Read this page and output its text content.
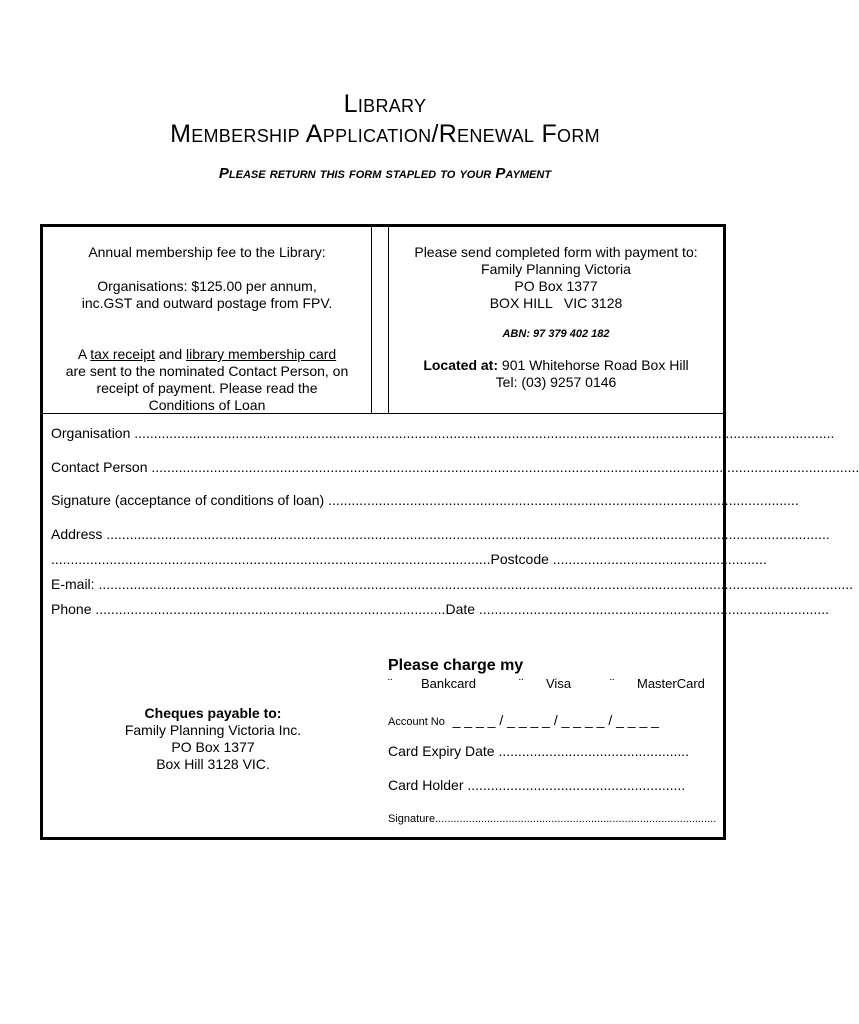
Library
Membership Application/Renewal Form
Please return this form stapled to your Payment
Annual membership fee to the Library:
Organisations: $125.00 per annum,
inc.GST and outward postage from FPV.
A tax receipt and library membership card
are sent to the nominated Contact Person, on
receipt of payment. Please read the
Conditions of Loan
Please send completed form with payment to:
Family Planning Victoria
PO Box 1377
BOX HILL   VIC 3128
ABN: 97 379 402 182
Located at: 901 Whitehorse Road Box Hill
Tel: (03) 9257 0146
Organisation ....................................................................................................................................................................................
Contact Person ......................................................................................................................................................................................
Signature (acceptance of conditions of loan) .........................................................................................................................
Address ..........................................................................................................................................................................................
.................................................................................................................Postcode .......................................................
E-mail: ..................................................................................................................................................................................................
Phone ..........................................................................................Date ..........................................................................................
Cheques payable to:
Family Planning Victoria Inc.
PO Box 1377
Box Hill 3128 VIC.
Please charge my
¨ Bankcard	¨ Visa	¨ MasterCard
Account No _ _ _ _ / _ _ _ _ / _ _ _ _ / _ _ _ _
Card Expiry Date .................................................
Card Holder ........................................................
Signature............................................................................................
